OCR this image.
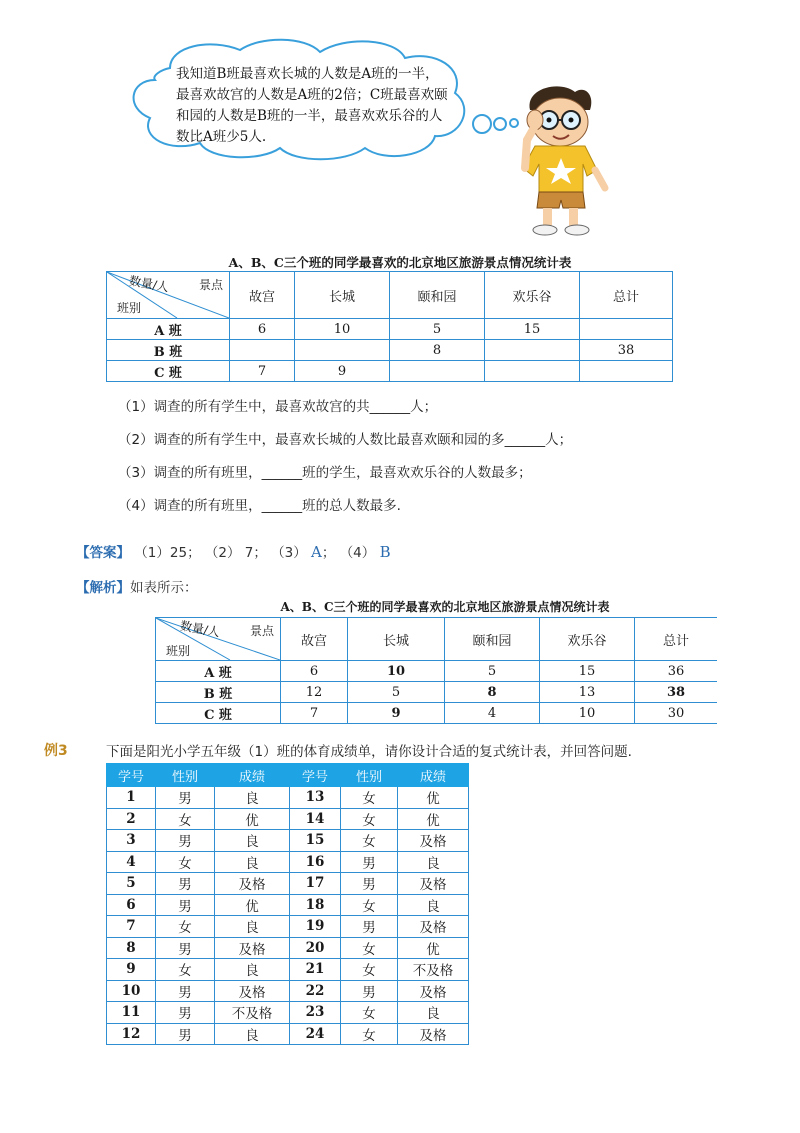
我知道B班最喜欢长城的人数是A班的一半，最喜欢故宫的人数是A班的2倍；C班最喜欢颐和园的人数是B班的一半，最喜欢欢乐谷的人数比A班少5人.
A、B、C三个班的同学最喜欢的北京地区旅游景点情况统计表
景点
数量/人
班别	故宫	长城	颐和园	欢乐谷	总计
A 班	6	10	5	15	
B 班			8		38
C 班	7	9			
（1）调查的所有学生中，最喜欢故宫的共______人；
（2）调查的所有学生中，最喜欢长城的人数比最喜欢颐和园的多______人；
（3）调查的所有班里，______班的学生，最喜欢欢乐谷的人数最多；
（4）调查的所有班里，______班的总人数最多.
【答案】 （1）25； （2） 7； （3） A； （4） B
【解析】如表所示：
A、B、C三个班的同学最喜欢的北京地区旅游景点情况统计表
景点
数量/人
班别	故宫	长城	颐和园	欢乐谷	总计
A 班	6	10	5	15	36
B 班	12	5	8	13	38
C 班	7	9	4	10	30
例3	下面是阳光小学五年级（1）班的体育成绩单，请你设计合适的复式统计表，并回答问题.
学号	性别	成绩	学号	性别	成绩
1	男	良	13	女	优
2	女	优	14	女	优
3	男	良	15	女	及格
4	女	良	16	男	良
5	男	及格	17	男	及格
6	男	优	18	女	良
7	女	良	19	男	及格
8	男	及格	20	女	优
9	女	良	21	女	不及格
10	男	及格	22	男	及格
11	男	不及格	23	女	良
12	男	良	24	女	及格
